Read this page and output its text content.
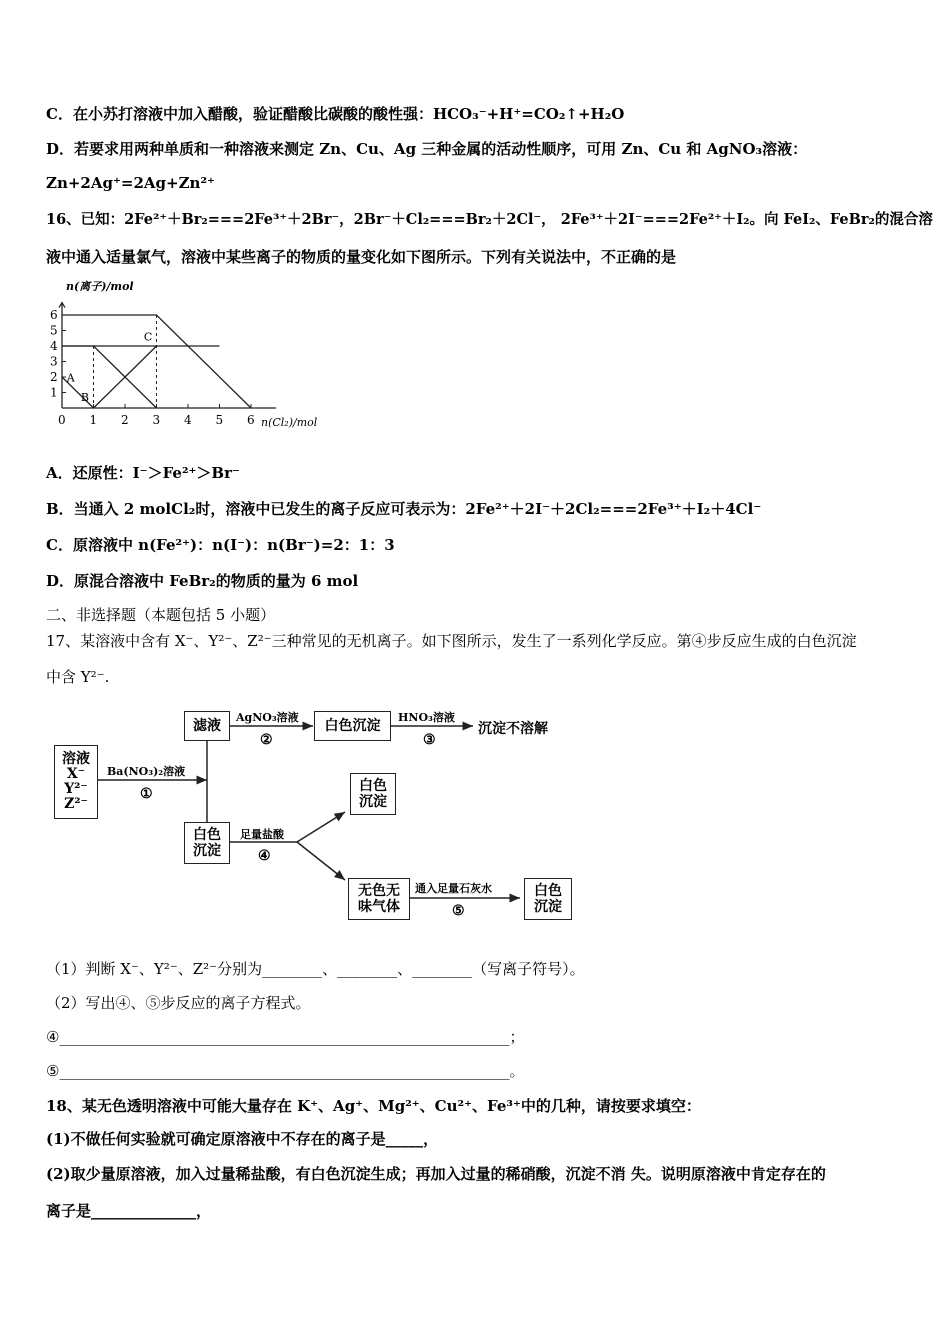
C．在小苏打溶液中加入醋酸，验证醋酸比碳酸的酸性强：HCO₃⁻+H⁺=CO₂↑+H₂O
D．若要求用两种单质和一种溶液来测定 Zn、Cu、Ag 三种金属的活动性顺序，可用 Zn、Cu 和 AgNO₃溶液：
Zn+2Ag⁺=2Ag+Zn²⁺
16、已知：2Fe²⁺＋Br₂===2Fe³⁺＋2Br⁻，2Br⁻＋Cl₂===Br₂＋2Cl⁻， 2Fe³⁺＋2I⁻===2Fe²⁺＋I₂。向 FeI₂、FeBr₂的混合溶
液中通入适量氯气，溶液中某些离子的物质的量变化如下图所示。下列有关说法中，不正确的是
1
2
3
4
5
6
0 1 2 3 4 5 6
n(离子)/mol
n(Cl₂)/mol
A
B
C
A．还原性：I⁻＞Fe²⁺＞Br⁻
B．当通入 2 molCl₂时，溶液中已发生的离子反应可表示为：2Fe²⁺＋2I⁻＋2Cl₂===2Fe³⁺＋I₂＋4Cl⁻
C．原溶液中 n(Fe²⁺)：n(I⁻)：n(Br⁻)=2：1：3
D．原混合溶液中 FeBr₂的物质的量为 6 mol
二、非选择题（本题包括 5 小题）
17、某溶液中含有 X⁻、Y²⁻、Z²⁻三种常见的无机离子。如下图所示，发生了一系列化学反应。第④步反应生成的白色沉淀
中含 Y²⁻.
溶液
X⁻
Y²⁻
Z²⁻
Ba(NO₃)₂溶液
①
滤液
AgNO₃溶液
②
白色沉淀
HNO₃溶液
③
沉淀不溶解
白色
沉淀
足量盐酸
④
白色
沉淀
无色无
味气体
通入足量石灰水
⑤
白色
沉淀
（1）判断 X⁻、Y²⁻、Z²⁻分别为________、________、________（写离子符号）。
（2）写出④、⑤步反应的离子方程式。
④____________________________________________________________；
⑤____________________________________________________________。
18、某无色透明溶液中可能大量存在 K⁺、Ag⁺、Mg²⁺、Cu²⁺、Fe³⁺中的几种，请按要求填空：
(1)不做任何实验就可确定原溶液中不存在的离子是_____，
(2)取少量原溶液，加入过量稀盐酸，有白色沉淀生成；再加入过量的稀硝酸，沉淀不消 失。说明原溶液中肯定存在的
离子是______________，
